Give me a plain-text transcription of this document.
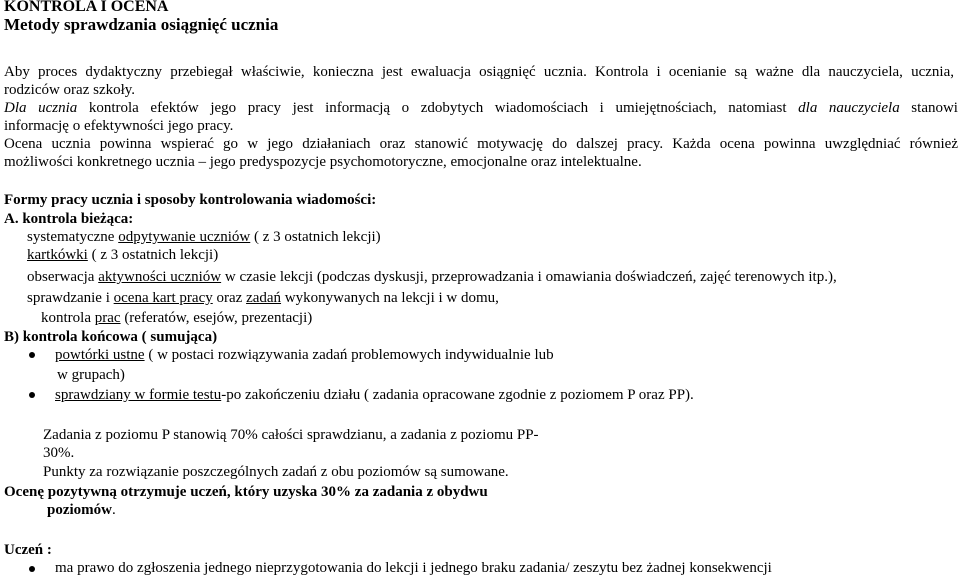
KONTROLA I OCENA
Metody sprawdzania osiągnięć ucznia
Aby proces dydaktyczny przebiegał właściwie, konieczna jest ewaluacja osiągnięć ucznia. Kontrola i ocenianie są ważne dla nauczyciela, ucznia,
rodziców oraz szkoły.
Dla ucznia kontrola efektów jego pracy jest informacją o zdobytych wiadomościach i umiejętnościach, natomiast dla nauczyciela stanowi
informację o efektywności jego pracy.
Ocena ucznia powinna wspierać go w jego działaniach oraz stanowić motywację do dalszej pracy. Każda ocena powinna uwzględniać również
możliwości konkretnego ucznia – jego predyspozycje psychomotoryczne, emocjonalne oraz intelektualne.
Formy pracy ucznia i sposoby kontrolowania wiadomości:
A. kontrola bieżąca:
systematyczne odpytywanie uczniów ( z 3 ostatnich lekcji)
kartkówki ( z 3 ostatnich lekcji)
obserwacja aktywności uczniów w czasie lekcji (podczas dyskusji, przeprowadzania i omawiania doświadczeń, zajęć terenowych itp.),
sprawdzanie i ocena kart pracy oraz zadań wykonywanych na lekcji i w domu,
kontrola prac (referatów, esejów, prezentacji)
B) kontrola końcowa ( sumująca)
powtórki ustne ( w postaci rozwiązywania zadań problemowych indywidualnie lub
w grupach)
sprawdziany w formie testu-po zakończeniu działu ( zadania opracowane zgodnie z poziomem P oraz PP).
Zadania z poziomu P stanowią 70% całości sprawdzianu, a zadania z poziomu PP-
30%.
Punkty za rozwiązanie poszczególnych zadań z obu poziomów są sumowane.
Ocenę pozytywną otrzymuje uczeń, który uzyska 30% za zadania z obydwu
poziomów.
Uczeń :
ma prawo do zgłoszenia jednego nieprzygotowania do lekcji i jednego braku zadania/ zeszytu bez żadnej konsekwencji
